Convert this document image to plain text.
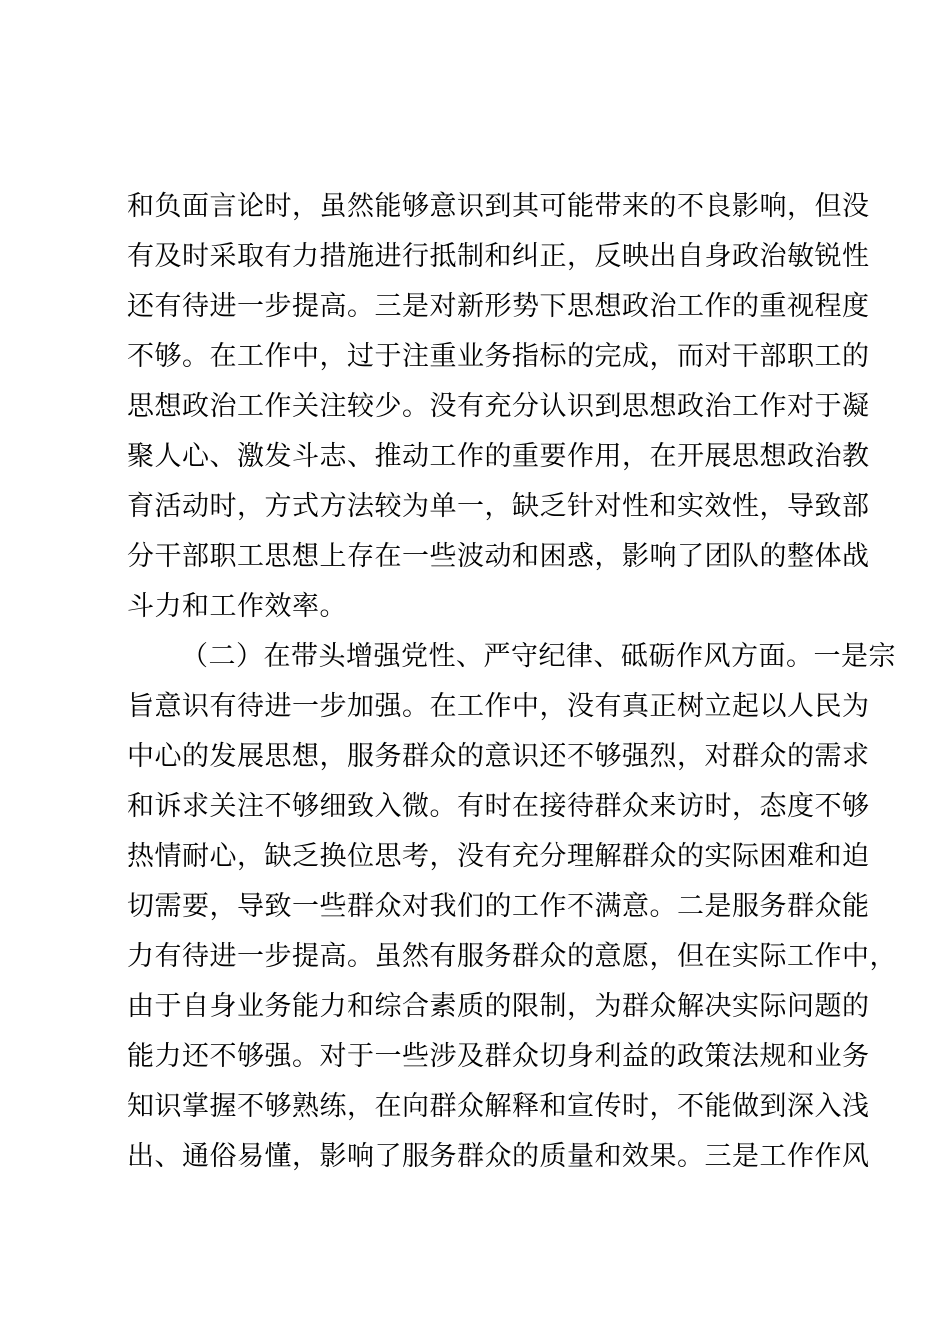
和负面言论时，虽然能够意识到其可能带来的不良影响，但没
有及时采取有力措施进行抵制和纠正，反映出自身政治敏锐性
还有待进一步提高。三是对新形势下思想政治工作的重视程度
不够。在工作中，过于注重业务指标的完成，而对干部职工的
思想政治工作关注较少。没有充分认识到思想政治工作对于凝
聚人心、激发斗志、推动工作的重要作用，在开展思想政治教
育活动时，方式方法较为单一，缺乏针对性和实效性，导致部
分干部职工思想上存在一些波动和困惑，影响了团队的整体战
斗力和工作效率。
（二）在带头增强党性、严守纪律、砥砺作风方面。一是宗
旨意识有待进一步加强。在工作中，没有真正树立起以人民为
中心的发展思想，服务群众的意识还不够强烈，对群众的需求
和诉求关注不够细致入微。有时在接待群众来访时，态度不够
热情耐心，缺乏换位思考，没有充分理解群众的实际困难和迫
切需要，导致一些群众对我们的工作不满意。二是服务群众能
力有待进一步提高。虽然有服务群众的意愿，但在实际工作中，
由于自身业务能力和综合素质的限制，为群众解决实际问题的
能力还不够强。对于一些涉及群众切身利益的政策法规和业务
知识掌握不够熟练，在向群众解释和宣传时，不能做到深入浅
出、通俗易懂，影响了服务群众的质量和效果。三是工作作风
